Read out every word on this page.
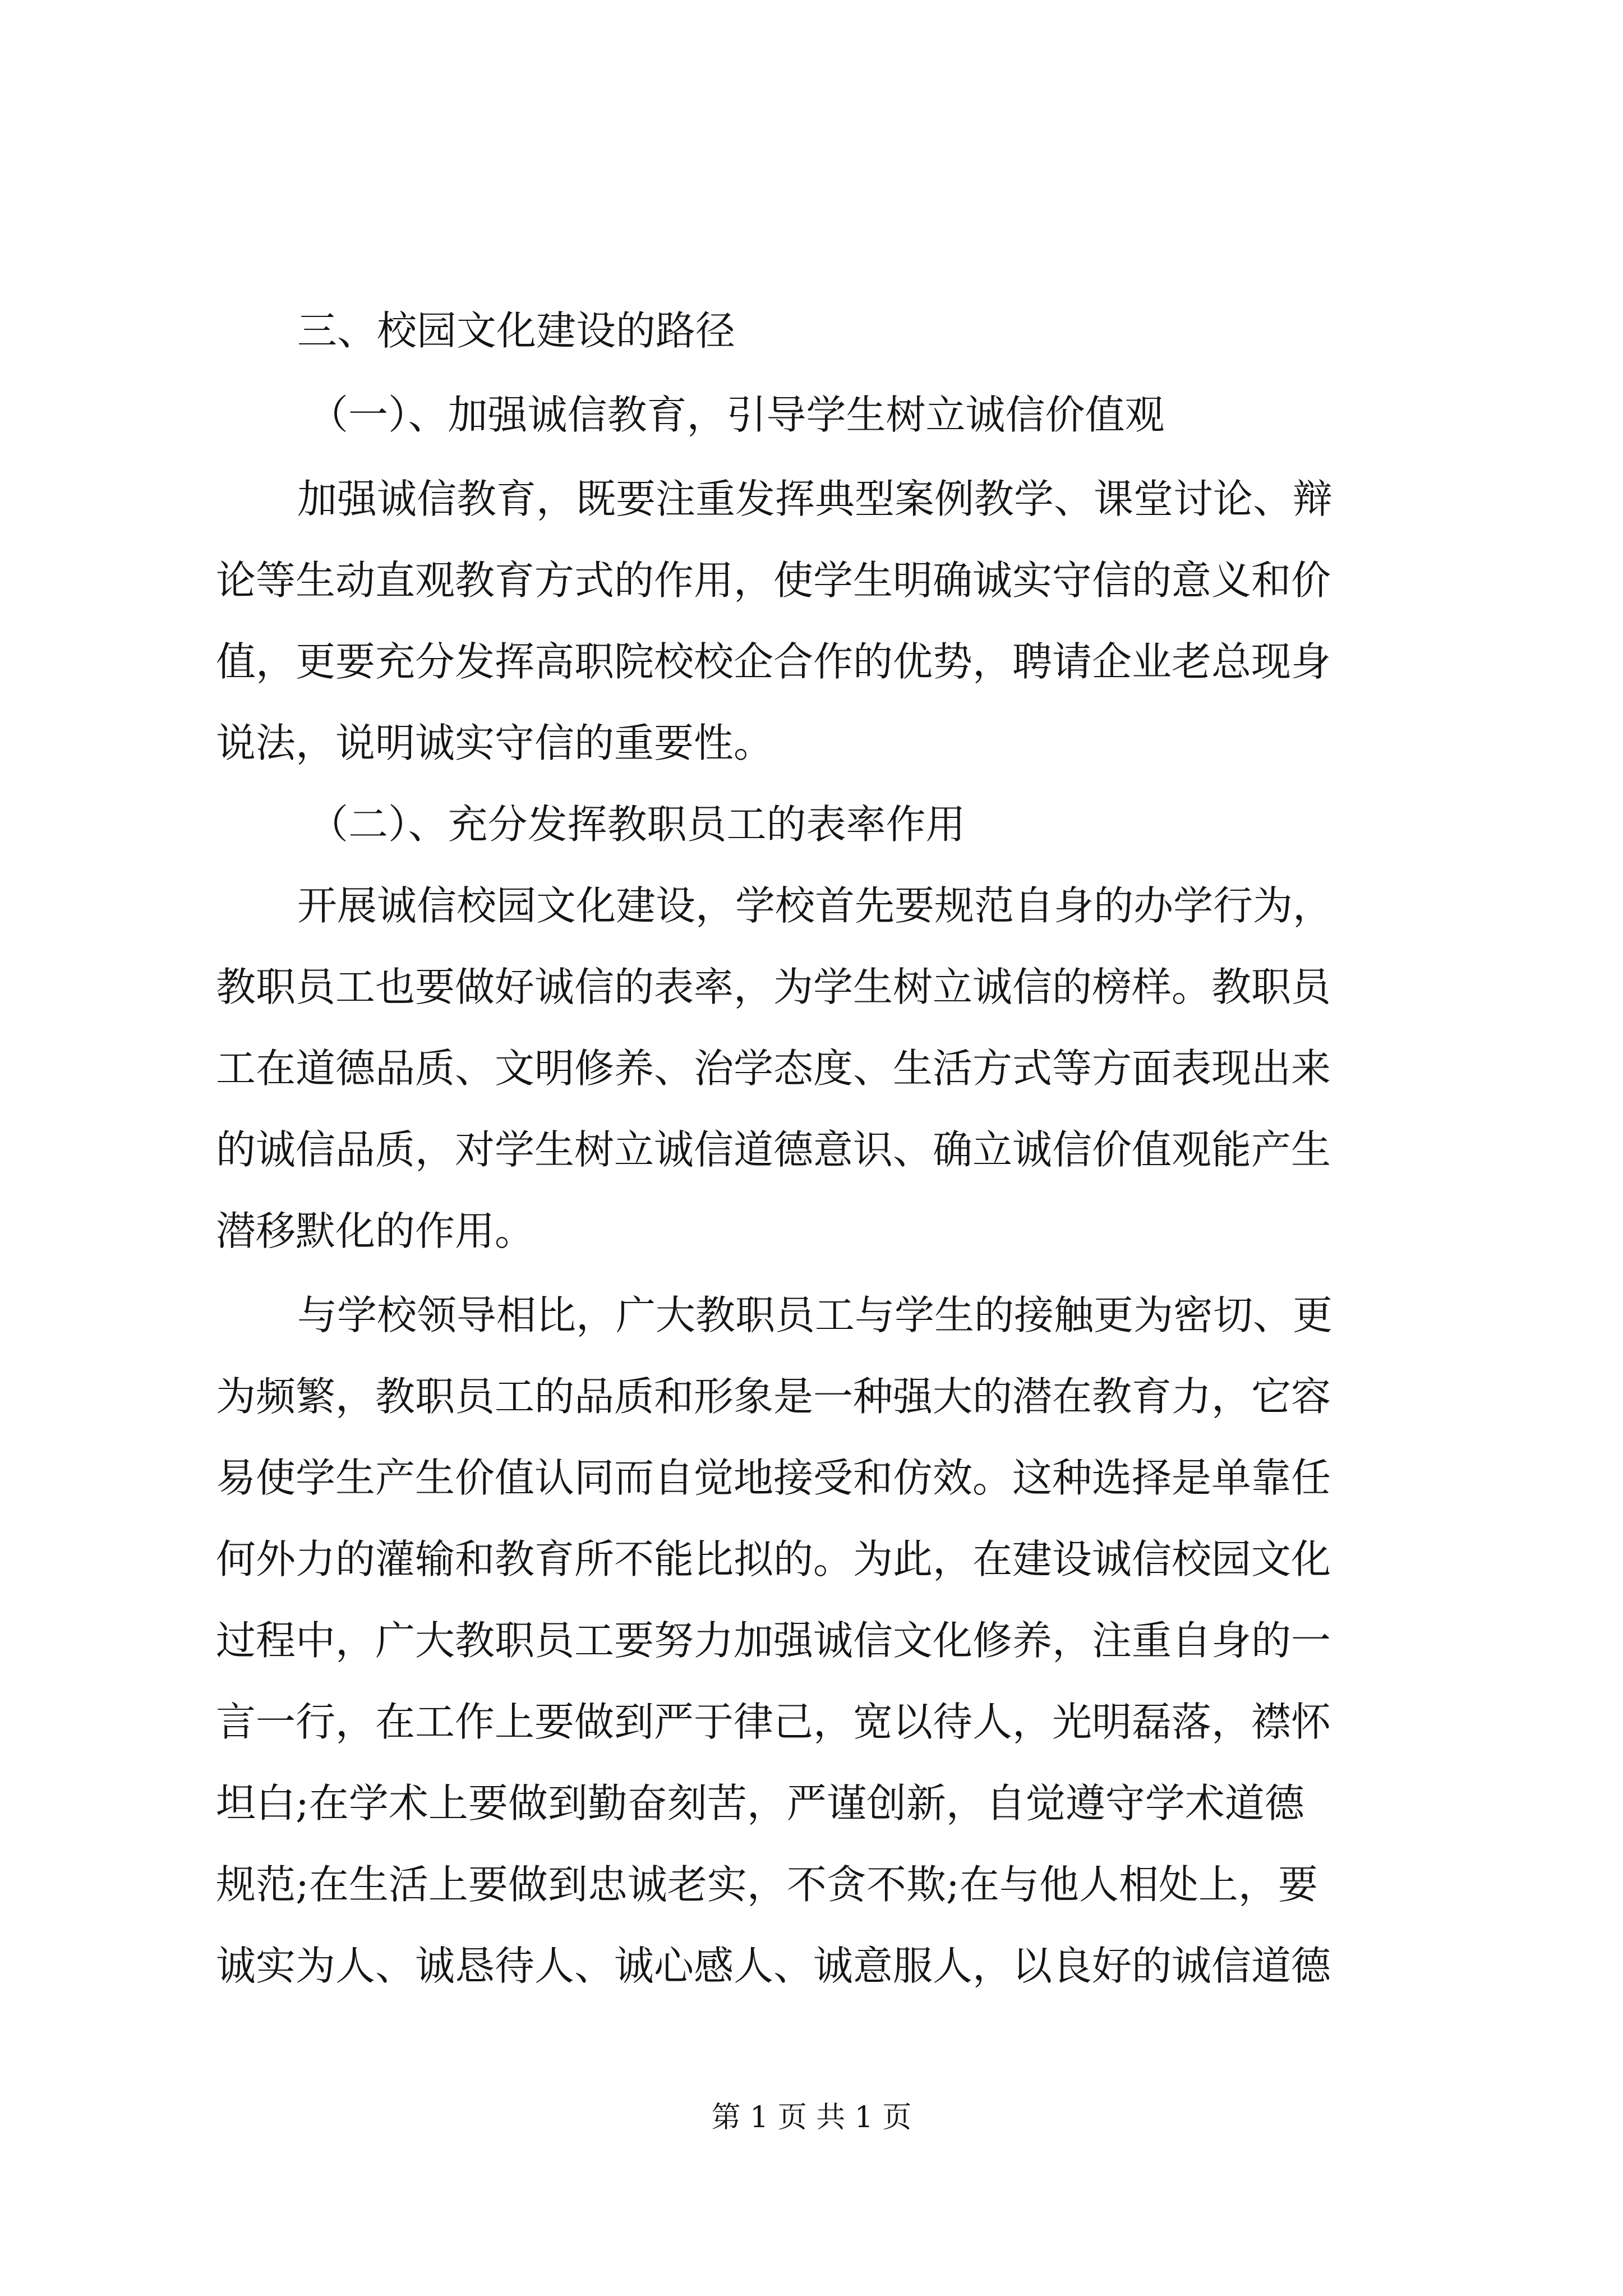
三、校园文化建设的路径
（一）、加强诚信教育，引导学生树立诚信价值观
加强诚信教育，既要注重发挥典型案例教学、课堂讨论、辩
论等生动直观教育方式的作用，使学生明确诚实守信的意义和价
值，更要充分发挥高职院校校企合作的优势，聘请企业老总现身
说法，说明诚实守信的重要性。
（二）、充分发挥教职员工的表率作用
开展诚信校园文化建设，学校首先要规范自身的办学行为，
教职员工也要做好诚信的表率，为学生树立诚信的榜样。教职员
工在道德品质、文明修养、治学态度、生活方式等方面表现出来
的诚信品质，对学生树立诚信道德意识、确立诚信价值观能产生
潜移默化的作用。
与学校领导相比，广大教职员工与学生的接触更为密切、更
为频繁，教职员工的品质和形象是一种强大的潜在教育力，它容
易使学生产生价值认同而自觉地接受和仿效。这种选择是单靠任
何外力的灌输和教育所不能比拟的。为此，在建设诚信校园文化
过程中，广大教职员工要努力加强诚信文化修养，注重自身的一
言一行，在工作上要做到严于律己，宽以待人，光明磊落，襟怀
坦白;在学术上要做到勤奋刻苦，严谨创新，自觉遵守学术道德
规范;在生活上要做到忠诚老实，不贪不欺;在与他人相处上，要
诚实为人、诚恳待人、诚心感人、诚意服人，以良好的诚信道德
第 1 页 共 1 页
